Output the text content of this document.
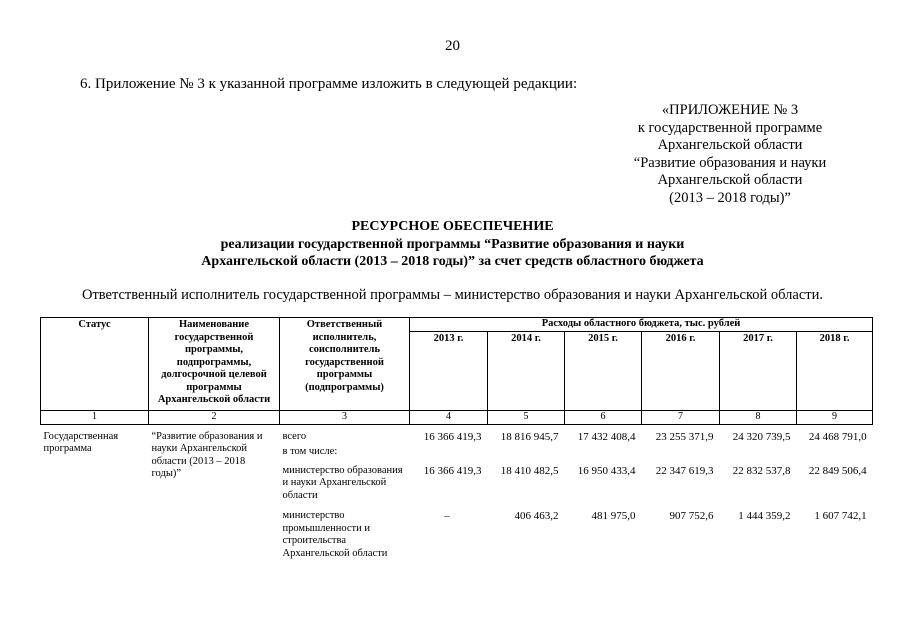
20
6. Приложение № 3 к указанной программе изложить в следующей редакции:
«ПРИЛОЖЕНИЕ № 3
к государственной программе
Архангельской области
“Развитие образования и науки
Архангельской области
(2013 – 2018 годы)”
РЕСУРСНОЕ ОБЕСПЕЧЕНИЕ
реализации государственной программы “Развитие образования и науки
Архангельской области (2013 – 2018 годы)” за счет средств областного бюджета
Ответственный исполнитель государственной программы – министерство образования и науки Архангельской области.
Статус	Наименование государственной программы, подпрограммы, долгосрочной целевой программы Архангельской области	Ответственный исполнитель, соисполнитель государственной программы (подпрограммы)	Расходы областного бюджета, тыс. рублей					
			2013 г.	2014 г.	2015 г.	2016 г.	2017 г.	2018 г.
1	2	3	4	5	6	7	8	9
Государственная программа	“Развитие образования и науки Архангельской области (2013 – 2018 годы)”	всего	16 366 419,3	18 816 945,7	17 432 408,4	23 255 371,9	24 320 739,5	24 468 791,0
		в том числе:						
		министерство образования и науки Архангельской области	16 366 419,3	18 410 482,5	16 950 433,4	22 347 619,3	22 832 537,8	22 849 506,4
		министерство промышленности и строительства Архангельской области	–	406 463,2	481 975,0	907 752,6	1 444 359,2	1 607 742,1
